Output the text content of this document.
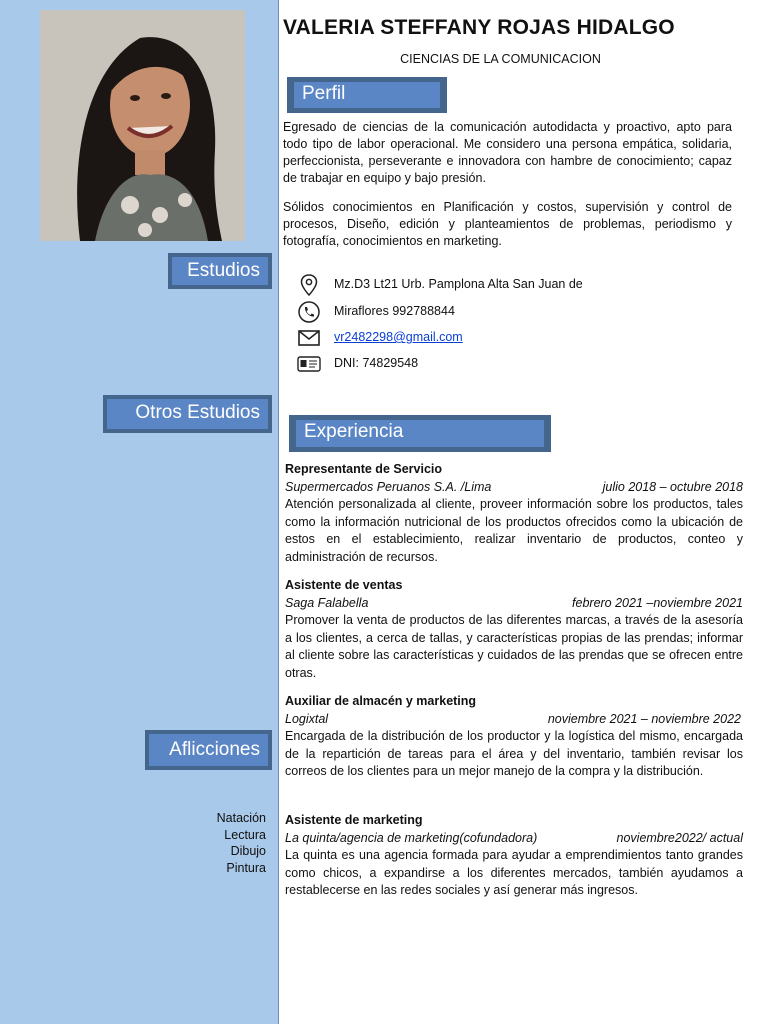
Estudios
Otros Estudios
Aflicciones
Natación
Lectura
Dibujo
Pintura
VALERIA STEFFANY ROJAS HIDALGO
CIENCIAS DE LA COMUNICACION
Perfil

Egresado de ciencias de la comunicación autodidacta y proactivo, apto para todo tipo de labor operacional. Me considero una persona empática, solidaria, perfeccionista, perseverante e innovadora con hambre de conocimiento; capaz de trabajar en equipo y bajo presión.

Sólidos conocimientos en Planificación y costos, supervisión y control de procesos, Diseño, edición y planteamientos de problemas, periodismo y fotografía, conocimientos en marketing.

Mz.D3 Lt21 Urb. Pamplona Alta San Juan de
Miraflores 992788844
vr2482298@gmail.com
DNI: 74829548
Experiencia
Representante de Servicio
Supermercados Peruanos S.A. /Lima	julio 2018 – octubre 2018

Atención personalizada al cliente, proveer información sobre los productos, tales como la información nutricional de los productos ofrecidos como la ubicación de estos en el establecimiento, realizar inventario de productos, conteo y administración de recursos.

Asistente de ventas
Saga Falabella	febrero 2021 –noviembre 2021

Promover la venta de productos de las diferentes marcas, a través de la asesoría a los clientes, a cerca de tallas, y características propias de las prendas; informar al cliente sobre las características y cuidados de las prendas que se ofrecen entre otras.

Auxiliar de almacén y marketing
Logixtal	noviembre 2021 – noviembre 2022

Encargada de la distribución de los productor y la logística del mismo, encargada de la repartición de tareas para el área y del inventario, también revisar los correos de los clientes para un mejor manejo de la compra y la distribución.

Asistente de marketing
La quinta/agencia de marketing(cofundadora)	noviembre2022/ actual

La quinta es una agencia formada para ayudar a emprendimientos tanto grandes como chicos, a expandirse a los diferentes mercados, también ayudamos a restablecerse en las redes sociales y así generar más ingresos.
